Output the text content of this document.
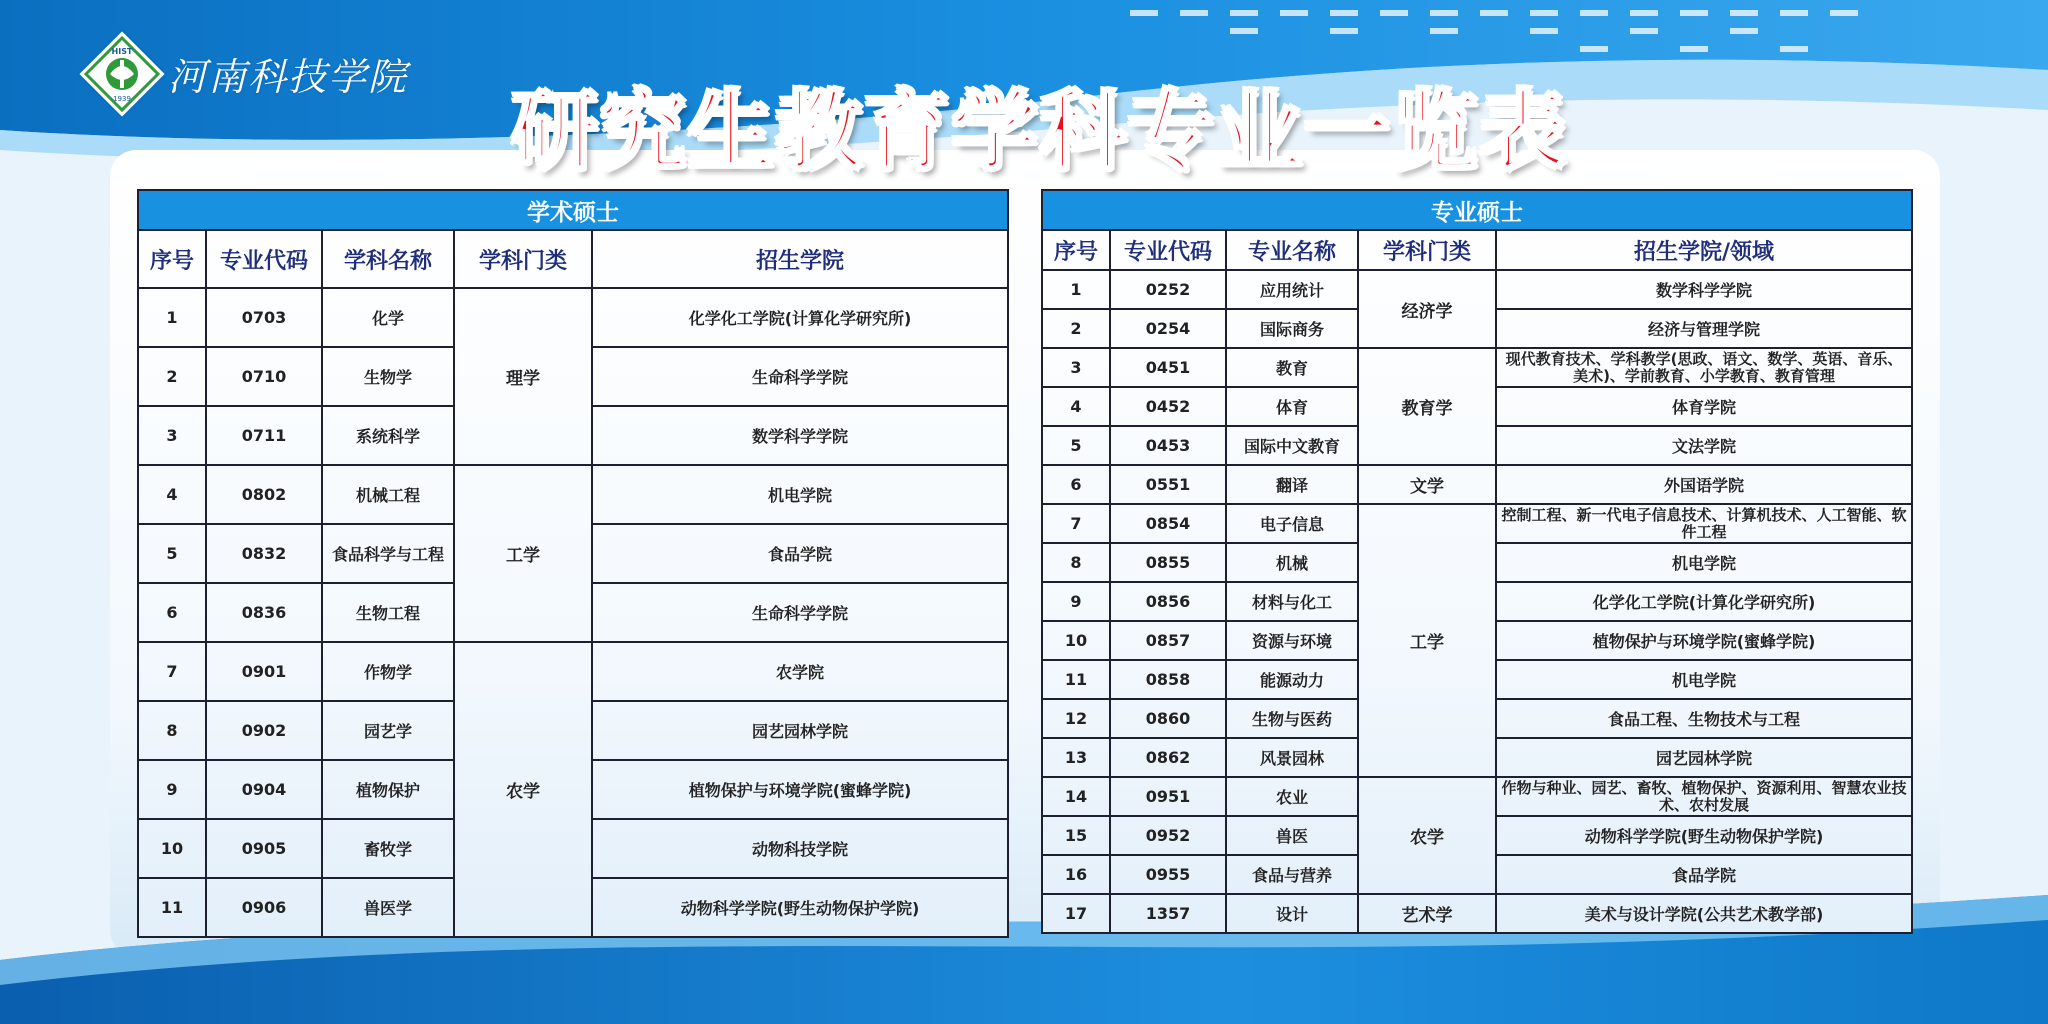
HIST
1939 河南科技学院
研究生教育学科专业一览表
学术硕士				
序号	专业代码	学科名称	学科门类	招生学院
1	0703	化学	理学	化学化工学院(计算化学研究所)
2	0710	生物学		生命科学学院
3	0711	系统科学		数学科学学院
4	0802	机械工程	工学	机电学院
5	0832	食品科学与工程		食品学院
6	0836	生物工程		生命科学学院
7	0901	作物学	农学	农学院
8	0902	园艺学		园艺园林学院
9	0904	植物保护		植物保护与环境学院(蜜蜂学院)
10	0905	畜牧学		动物科技学院
11	0906	兽医学		动物科学学院(野生动物保护学院)
专业硕士				
序号	专业代码	专业名称	学科门类	招生学院/领域
1	0252	应用统计	经济学	数学科学学院
2	0254	国际商务		经济与管理学院
3	0451	教育	教育学	现代教育技术、学科教学(思政、语文、数学、英语、音乐、美术)、学前教育、小学教育、教育管理
4	0452	体育		体育学院
5	0453	国际中文教育		文法学院
6	0551	翻译	文学	外国语学院
7	0854	电子信息	工学	控制工程、新一代电子信息技术、计算机技术、人工智能、软件工程
8	0855	机械		机电学院
9	0856	材料与化工		化学化工学院(计算化学研究所)
10	0857	资源与环境		植物保护与环境学院(蜜蜂学院)
11	0858	能源动力		机电学院
12	0860	生物与医药		食品工程、生物技术与工程
13	0862	风景园林		园艺园林学院
14	0951	农业	农学	作物与种业、园艺、畜牧、植物保护、资源利用、智慧农业技术、农村发展
15	0952	兽医		动物科学学院(野生动物保护学院)
16	0955	食品与营养		食品学院
17	1357	设计	艺术学	美术与设计学院(公共艺术教学部)
